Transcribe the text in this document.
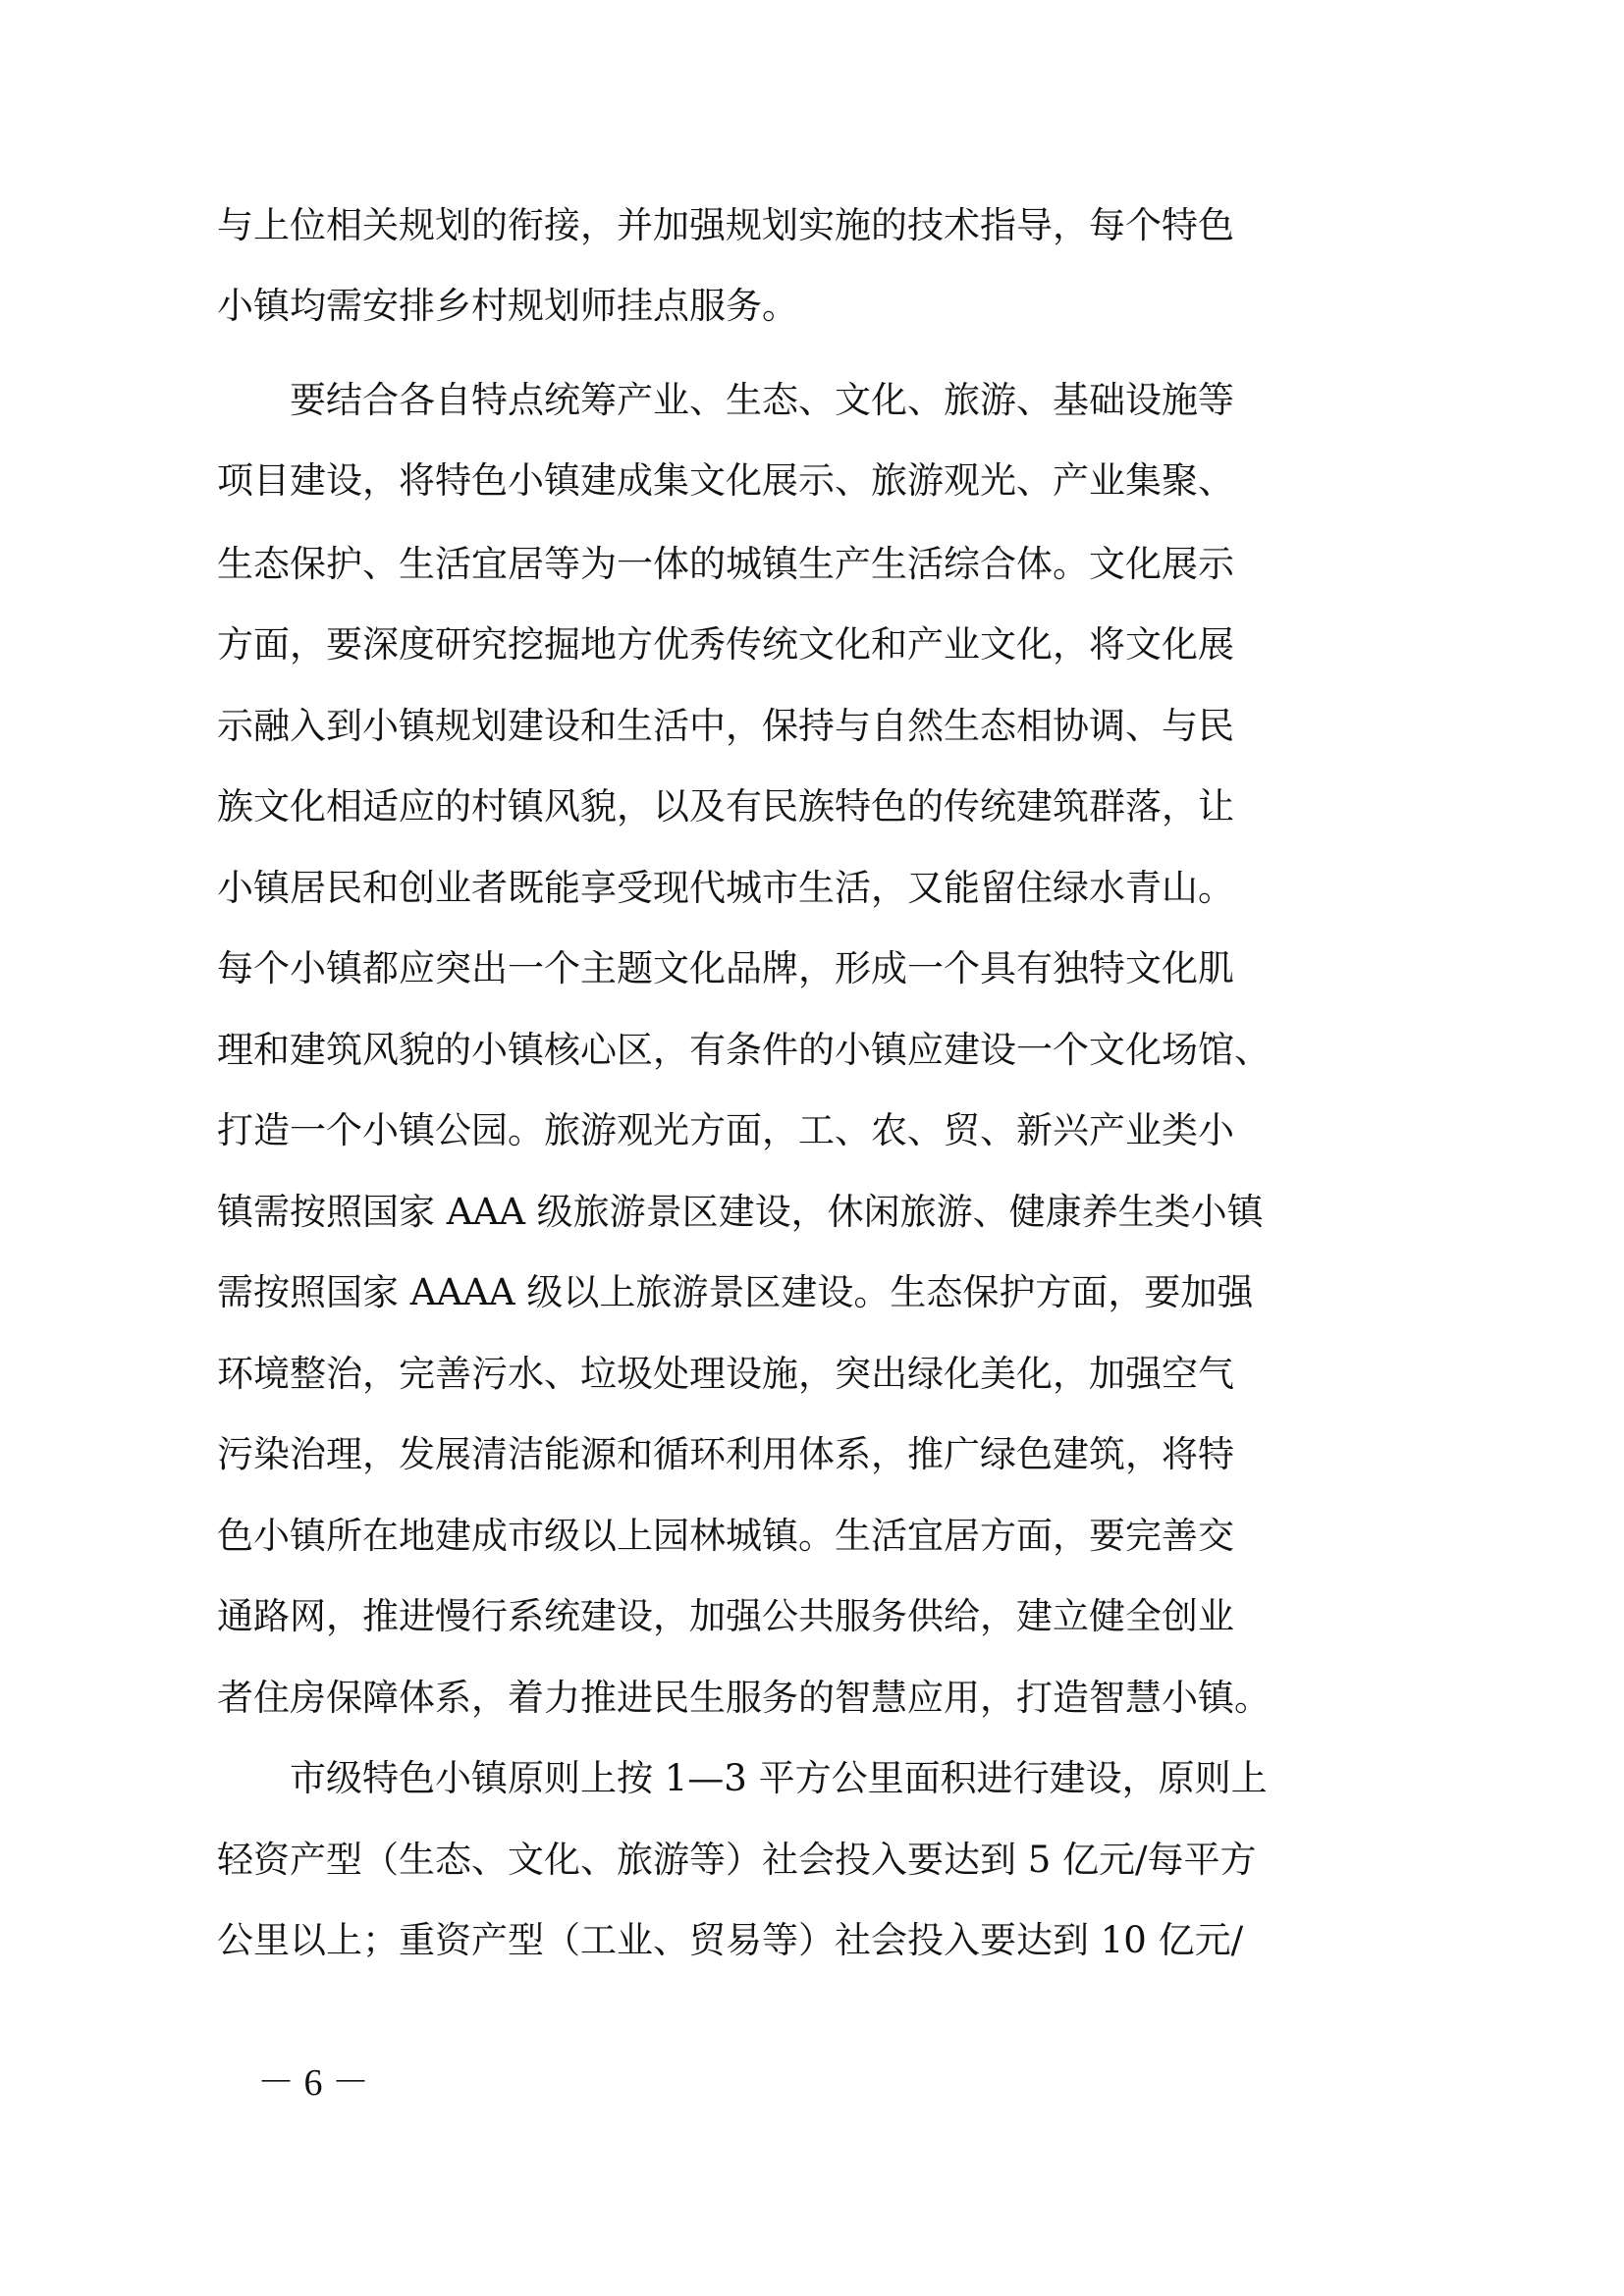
与上位相关规划的衔接，并加强规划实施的技术指导，每个特色
小镇均需安排乡村规划师挂点服务。
　　要结合各自特点统筹产业、生态、文化、旅游、基础设施等
项目建设，将特色小镇建成集文化展示、旅游观光、产业集聚、
生态保护、生活宜居等为一体的城镇生产生活综合体。文化展示
方面，要深度研究挖掘地方优秀传统文化和产业文化，将文化展
示融入到小镇规划建设和生活中，保持与自然生态相协调、与民
族文化相适应的村镇风貌，以及有民族特色的传统建筑群落，让
小镇居民和创业者既能享受现代城市生活，又能留住绿水青山。
每个小镇都应突出一个主题文化品牌，形成一个具有独特文化肌
理和建筑风貌的小镇核心区，有条件的小镇应建设一个文化场馆、
打造一个小镇公园。旅游观光方面，工、农、贸、新兴产业类小
镇需按照国家 AAA 级旅游景区建设，休闲旅游、健康养生类小镇
需按照国家 AAAA 级以上旅游景区建设。生态保护方面，要加强
环境整治，完善污水、垃圾处理设施，突出绿化美化，加强空气
污染治理，发展清洁能源和循环利用体系，推广绿色建筑，将特
色小镇所在地建成市级以上园林城镇。生活宜居方面，要完善交
通路网，推进慢行系统建设，加强公共服务供给，建立健全创业
者住房保障体系，着力推进民生服务的智慧应用，打造智慧小镇。
　　市级特色小镇原则上按 1—3 平方公里面积进行建设，原则上
轻资产型（生态、文化、旅游等）社会投入要达到 5 亿元/每平方
公里以上；重资产型（工业、贸易等）社会投入要达到 10 亿元/
－ 6 －
